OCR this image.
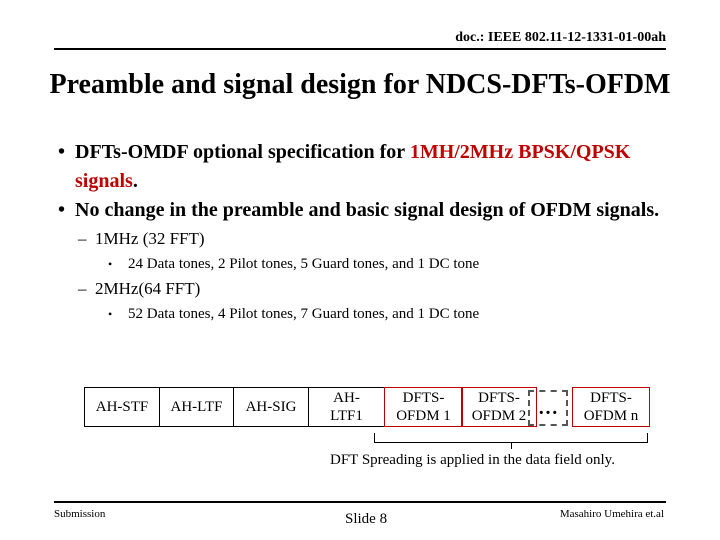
doc.: IEEE 802.11-12-1331-01-00ah
Preamble and signal design for NDCS-DFTs-OFDM
• DFTs-OMDF optional specification for 1MH/2MHz BPSK/QPSK signals.
• No change in the preamble and basic signal design of OFDM signals.
– 1MHz (32 FFT)
• 24 Data tones, 2 Pilot tones, 5 Guard tones, and 1 DC tone
– 2MHz(64 FFT)
• 52 Data tones, 4 Pilot tones, 7 Guard tones, and 1 DC tone
AH-STF	AH-LTF	AH-SIG
AH-LTF1
DFTS-OFDM 1
DFTS-OFDM 2 …	DFTS-OFDM n
DFT Spreading is applied in the data field only.
Submission	Slide 8	Masahiro Umehira et.al
